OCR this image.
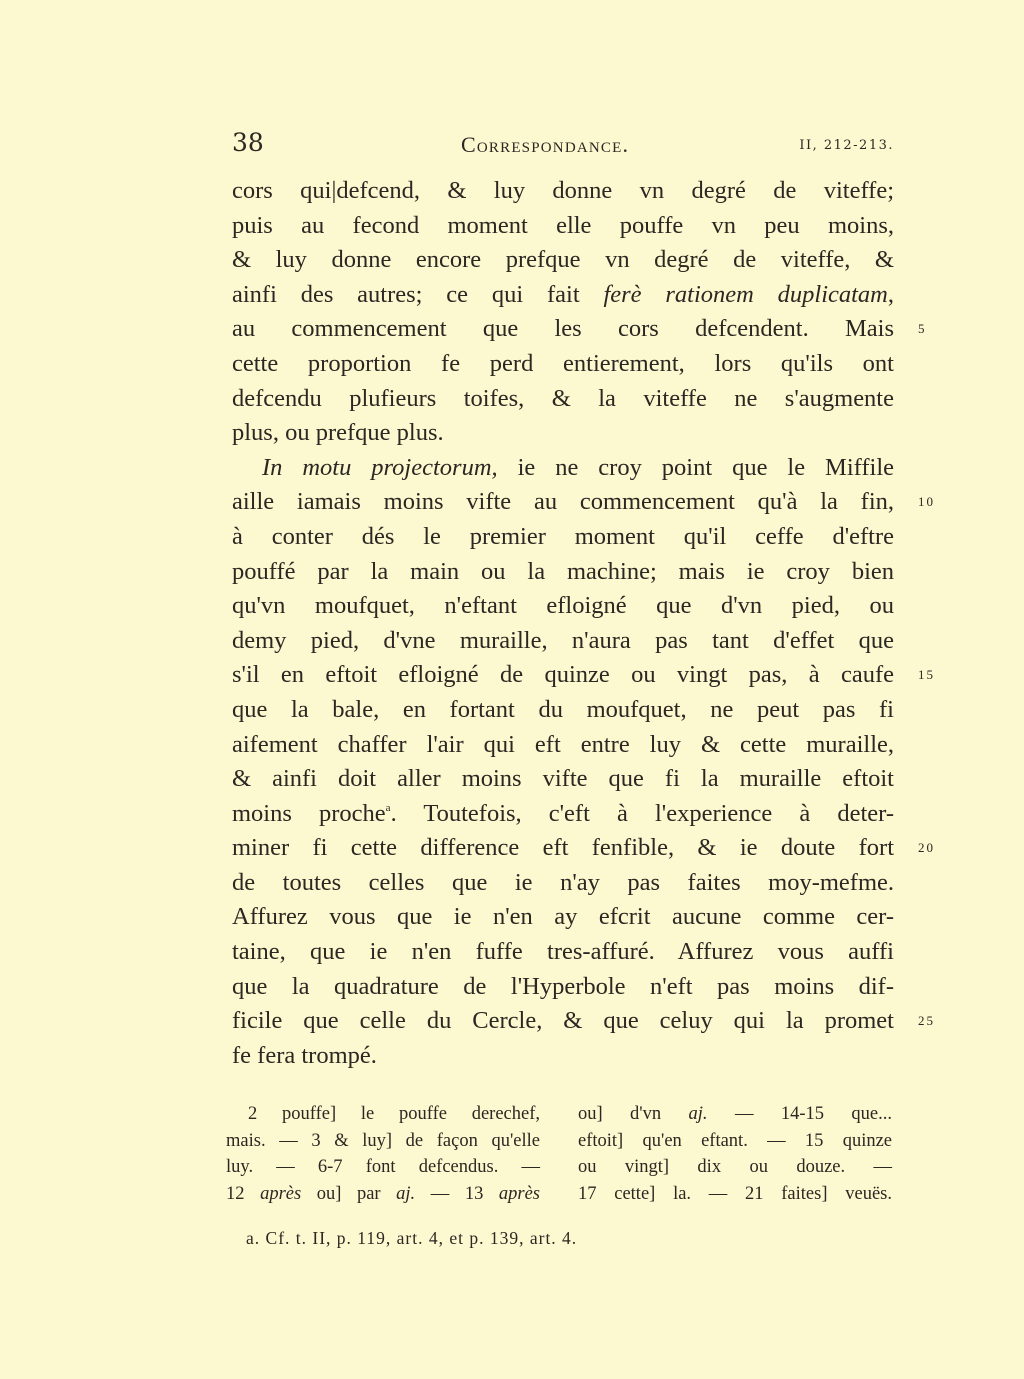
38	Correspondance.	II, 212-213.
cors qui|defcend, & luy donne vn degré de viteffe;
puis au fecond moment elle pouffe vn peu moins,
& luy donne encore prefque vn degré de viteffe, &
ainfi des autres; ce qui fait ferè rationem duplicatam,
au commencement que les cors defcendent. Mais 5
cette proportion fe perd entierement, lors qu'ils ont
defcendu plufieurs toifes, & la viteffe ne s'augmente
plus, ou prefque plus.
In motu projectorum, ie ne croy point que le Miffile
aille iamais moins vifte au commencement qu'à la fin, 10
à conter dés le premier moment qu'il ceffe d'eftre
pouffé par la main ou la machine; mais ie croy bien
qu'vn moufquet, n'eftant efloigné que d'vn pied, ou
demy pied, d'vne muraille, n'aura pas tant d'effet que
s'il en eftoit efloigné de quinze ou vingt pas, à caufe 15
que la bale, en fortant du moufquet, ne peut pas fi
aifement chaffer l'air qui eft entre luy & cette muraille,
& ainfi doit aller moins vifte que fi la muraille eftoit
moins proche$^a$. Toutefois, c'eft à l'experience à deter-
miner fi cette difference eft fenfible, & ie doute fort 20
de toutes celles que ie n'ay pas faites moy-mefme.
Affurez vous que ie n'en ay efcrit aucune comme cer-
taine, que ie n'en fuffe tres-affuré. Affurez vous auffi
que la quadrature de l'Hyperbole n'eft pas moins dif-
ficile que celle du Cercle, & que celuy qui la promet 25
fe fera trompé.
2 pouffe] le pouffe derechef,
mais. — 3 & luy] de façon qu'elle
luy. — 6-7 font defcendus. —
12 après ou] par aj. — 13 après
ou] d'vn aj. — 14-15 que...
eftoit] qu'en eftant. — 15 quinze
ou vingt] dix ou douze. —
17 cette] la. — 21 faites] veuës.
a. Cf. t. II, p. 119, art. 4, et p. 139, art. 4.
